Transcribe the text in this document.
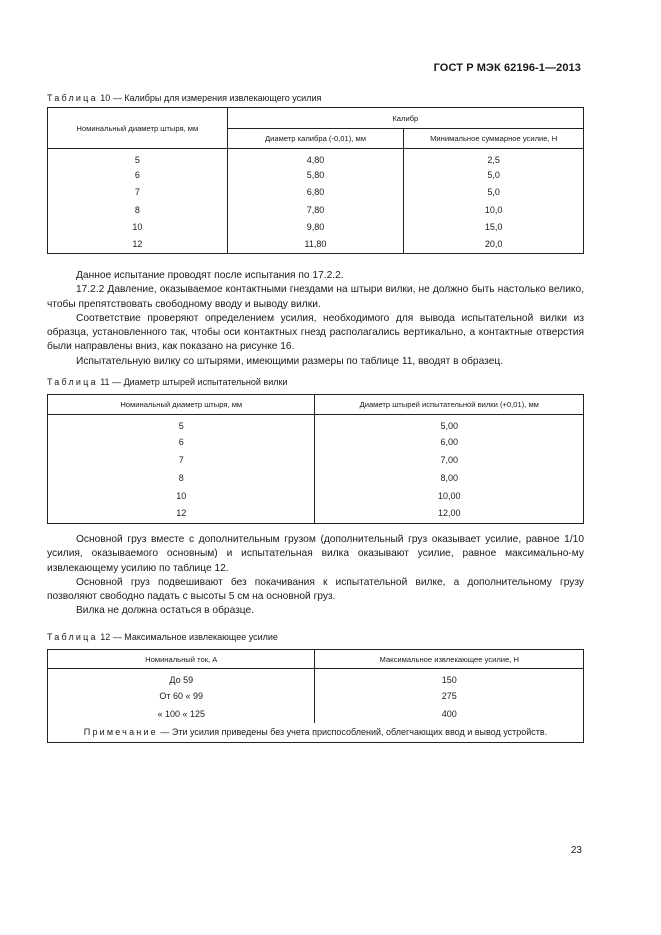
ГОСТ Р МЭК 62196-1—2013
Таблица 10 — Калибры для измерения извлекающего усилия
Номинальный диаметр штыря, мм	Калибр	
	Диаметр калибра (-0,01), мм	Минимальное суммарное усилие, Н
5	4,80	2,5
6	5,80	5,0
7	6,80	5,0
8	7,80	10,0
10	9,80	15,0
12	11,80	20,0

Данное испытание проводят после испытания по 17.2.2.

17.2.2 Давление, оказываемое контактными гнездами на штыри вилки, не должно быть настолько велико, чтобы препятствовать свободному вводу и выводу вилки.

Соответствие проверяют определением усилия, необходимого для вывода испытательной вилки из образца, установленного так, чтобы оси контактных гнезд располагались вертикально, а контактные отверстия были направлены вниз, как показано на рисунке 16.

Испытательную вилку со штырями, имеющими размеры по таблице 11, вводят в образец.

Таблица 11 — Диаметр штырей испытательной вилки
Номинальный диаметр штыря, мм	Диаметр штырей испытательной вилки (+0,01), мм
5	5,00
6	6,00
7	7,00
8	8,00
10	10,00
12	12,00

Основной груз вместе с дополнительным грузом (дополнительный груз оказывает усилие, равное 1/10 усилия, оказываемого основным) и испытательная вилка оказывают усилие, равное максимально-му извлекающему усилию по таблице 12.

Основной груз подвешивают без покачивания к испытательной вилке, а дополнительному грузу позволяют свободно падать с высоты 5 см на основной груз.

Вилка не должна остаться в образце.

Таблица 12 — Максимальное извлекающее усилие
Номинальный ток, А	Максимальное извлекающее усилие, Н
До 59	150
От 60 « 99	275
« 100 « 125	400
Примечание — Эти усилия приведены без учета приспособлений, облегчающих ввод и вывод устройств.	
23
